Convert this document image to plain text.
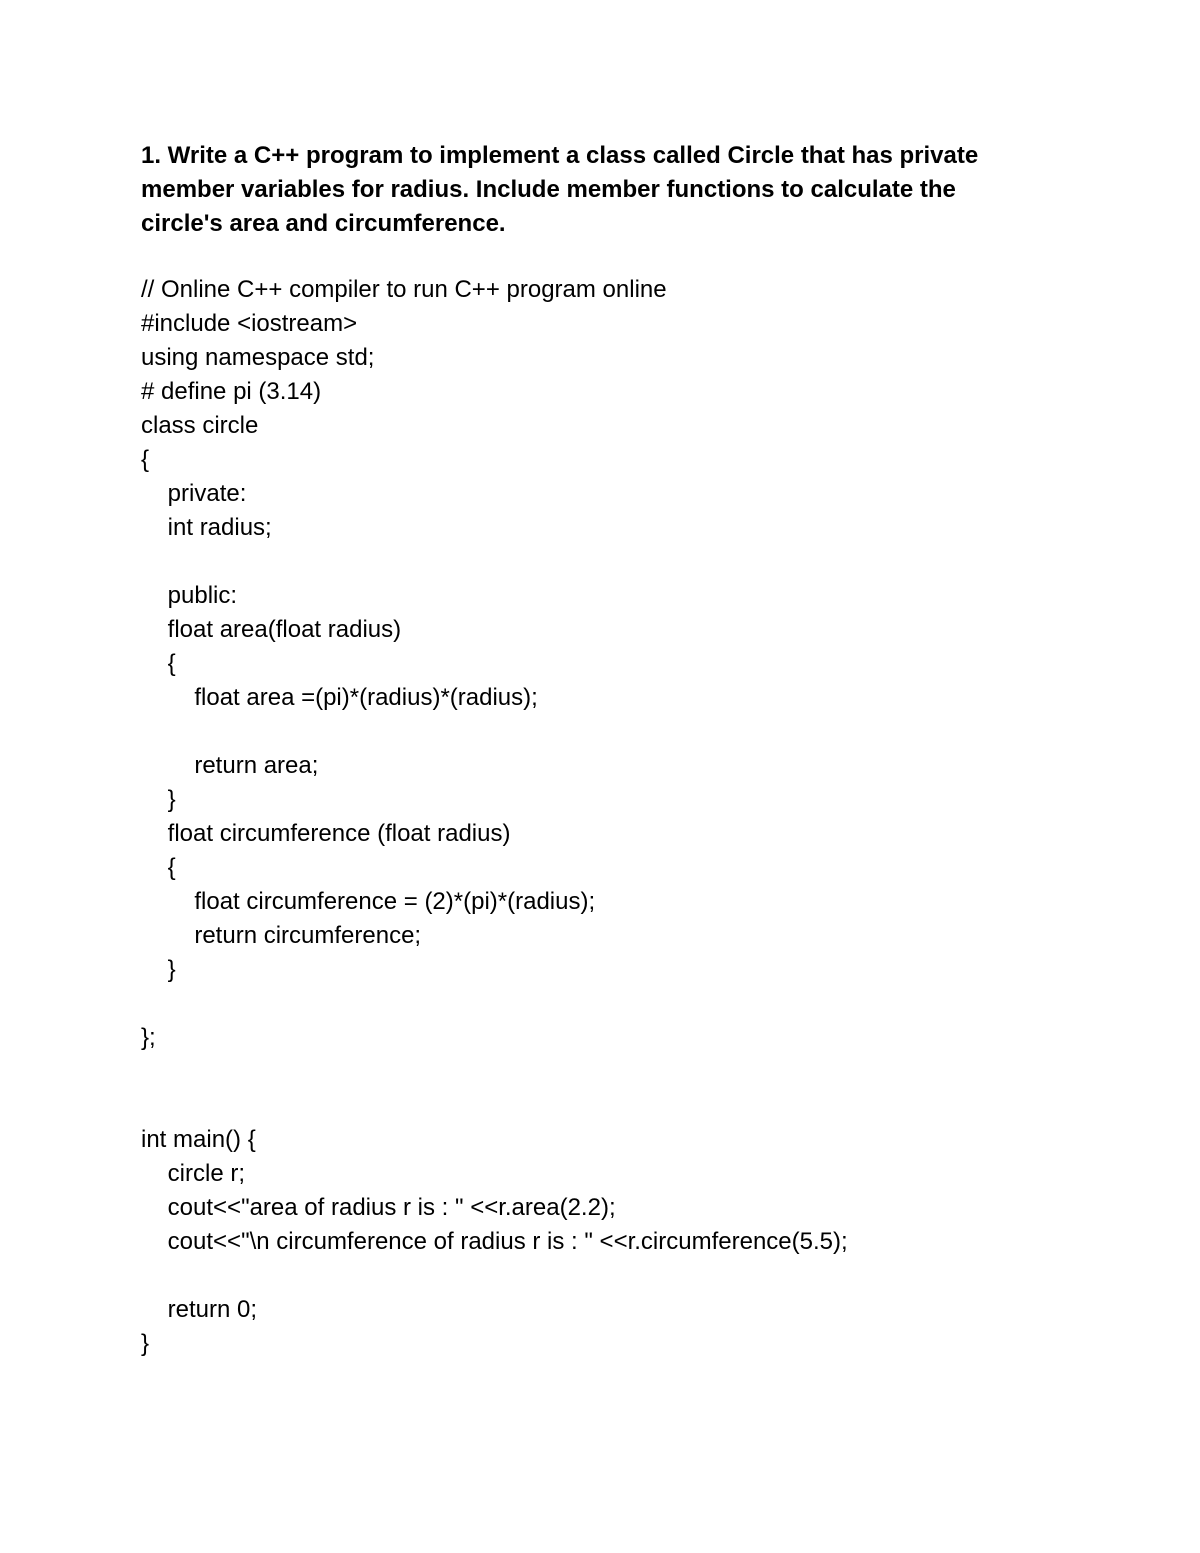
1. Write a C++ program to implement a class called Circle that has private
member variables for radius. Include member functions to calculate the
circle's area and circumference.
// Online C++ compiler to run C++ program online
#include <iostream>
using namespace std;
# define pi (3.14)
class circle
{
private:
int radius;
public:
float area(float radius)
{
float area =(pi)*(radius)*(radius);
return area;
}
float circumference (float radius)
{
float circumference = (2)*(pi)*(radius);
return circumference;
}
};
int main() {
circle r;
cout<<"area of radius r is : " <<r.area(2.2);
cout<<"\n circumference of radius r is : " <<r.circumference(5.5);
return 0;
}
